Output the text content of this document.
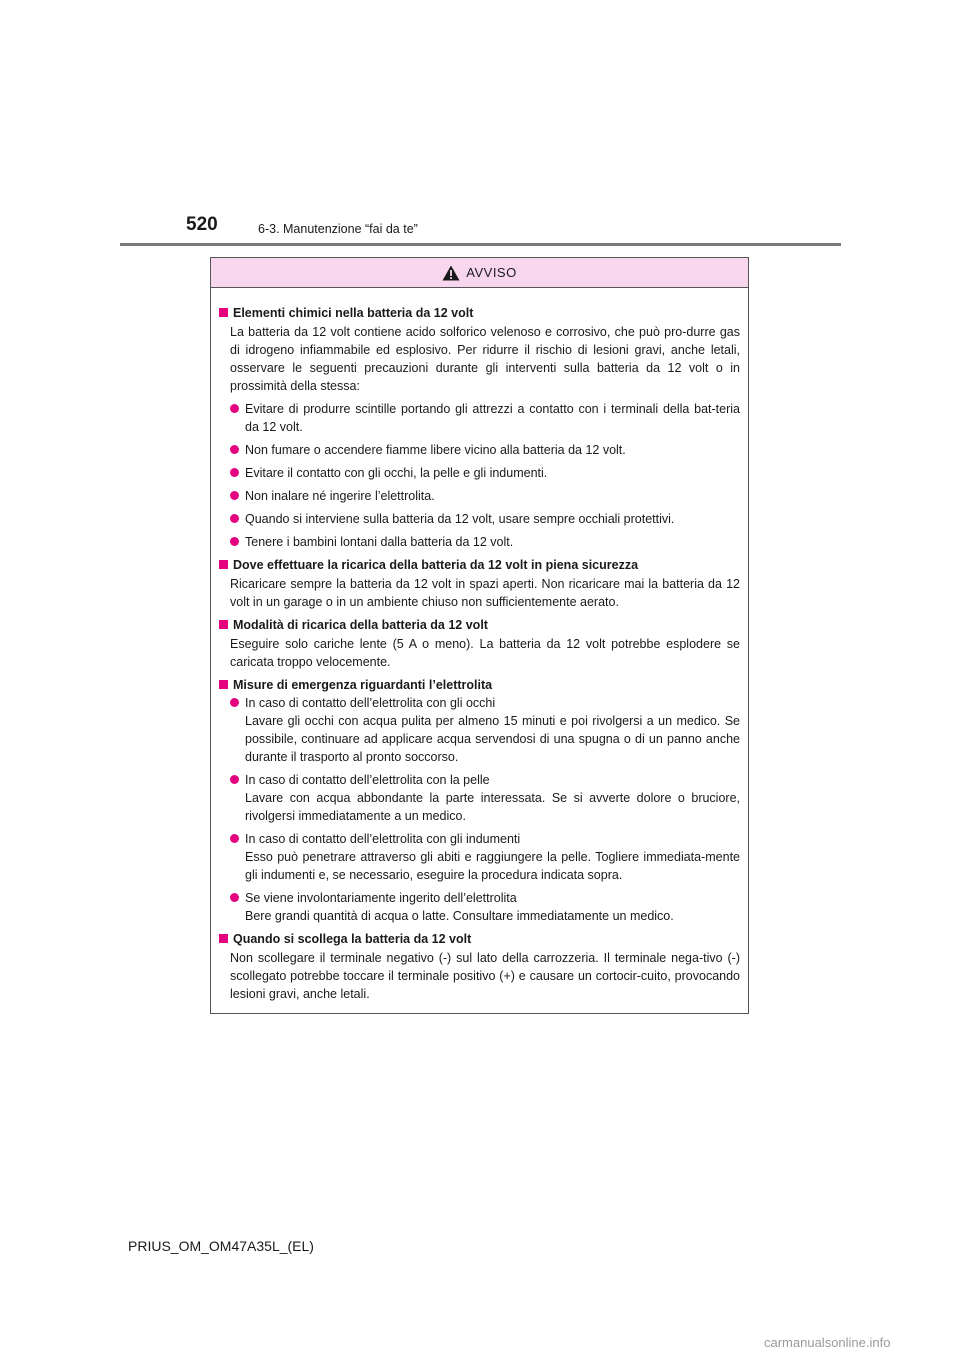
520	6-3. Manutenzione “fai da te”
AVVISO
Elementi chimici nella batteria da 12 volt
La batteria da 12 volt contiene acido solforico velenoso e corrosivo, che può pro-durre gas di idrogeno infiammabile ed esplosivo. Per ridurre il rischio di lesioni gravi, anche letali, osservare le seguenti precauzioni durante gli interventi sulla batteria da 12 volt o in prossimità della stessa:
Evitare di produrre scintille portando gli attrezzi a contatto con i terminali della bat-teria da 12 volt.
Non fumare o accendere fiamme libere vicino alla batteria da 12 volt.
Evitare il contatto con gli occhi, la pelle e gli indumenti.
Non inalare né ingerire l’elettrolita.
Quando si interviene sulla batteria da 12 volt, usare sempre occhiali protettivi.
Tenere i bambini lontani dalla batteria da 12 volt.
Dove effettuare la ricarica della batteria da 12 volt in piena sicurezza
Ricaricare sempre la batteria da 12 volt in spazi aperti. Non ricaricare mai la batteria da 12 volt in un garage o in un ambiente chiuso non sufficientemente aerato.
Modalità di ricarica della batteria da 12 volt
Eseguire solo cariche lente (5 A o meno). La batteria da 12 volt potrebbe esplodere se caricata troppo velocemente.
Misure di emergenza riguardanti l’elettrolita
In caso di contatto dell’elettrolita con gli occhi
Lavare gli occhi con acqua pulita per almeno 15 minuti e poi rivolgersi a un medico. Se possibile, continuare ad applicare acqua servendosi di una spugna o di un panno anche durante il trasporto al pronto soccorso.
In caso di contatto dell’elettrolita con la pelle
Lavare con acqua abbondante la parte interessata. Se si avverte dolore o bruciore, rivolgersi immediatamente a un medico.
In caso di contatto dell’elettrolita con gli indumenti
Esso può penetrare attraverso gli abiti e raggiungere la pelle. Togliere immediata-mente gli indumenti e, se necessario, eseguire la procedura indicata sopra.
Se viene involontariamente ingerito dell’elettrolita
Bere grandi quantità di acqua o latte. Consultare immediatamente un medico.
Quando si scollega la batteria da 12 volt
Non scollegare il terminale negativo (-) sul lato della carrozzeria. Il terminale nega-tivo (-) scollegato potrebbe toccare il terminale positivo (+) e causare un cortocir-cuito, provocando lesioni gravi, anche letali.
PRIUS_OM_OM47A35L_(EL)
carmanualsonline.info
